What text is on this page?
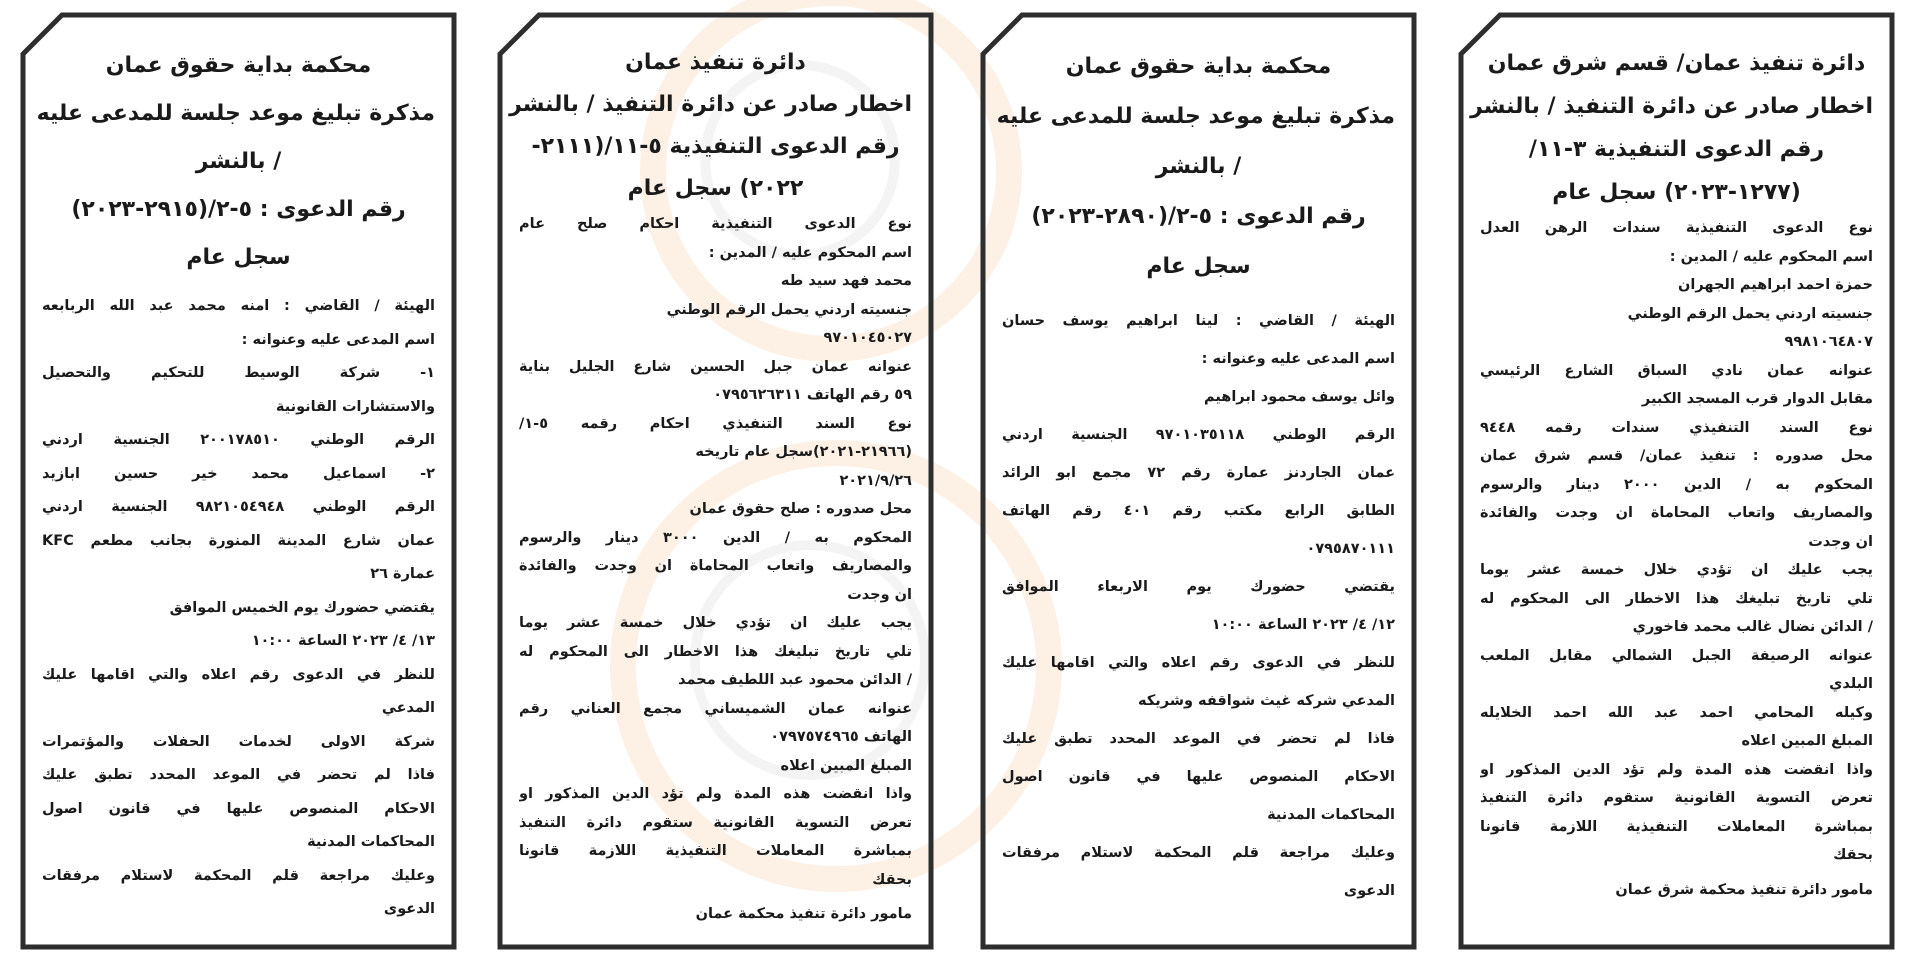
محكمة بداية حقوق عمان
مذكرة تبليغ موعد جلسة للمدعى عليه
/ بالنشر
رقم الدعوى : ٥-٢/(٢٩١٥-٢٠٢٣)
سجل عام
الهيئة / القاضي : امنه محمد عبد الله الربابعه
اسم المدعى عليه وعنوانه :
١- شركة الوسيط للتحكيم والتحصيل
والاستشارات القانونية
الرقم الوطني ٢٠٠١٧٨٥١٠ الجنسية اردني
٢- اسماعيل محمد خير حسين ابازيد
الرقم الوطني ٩٨٢١٠٥٤٩٤٨ الجنسية اردني
عمان شارع المدينة المنورة بجانب مطعم KFC
عمارة ٢٦
يقتضي حضورك يوم الخميس الموافق
١٣/ ٤/ ٢٠٢٣ الساعة ١٠:٠٠
للنظر في الدعوى رقم اعلاه والتي اقامها عليك
المدعي
شركة الاولى لخدمات الحفلات والمؤتمرات
فاذا لم تحضر في الموعد المحدد تطبق عليك
الاحكام المنصوص عليها في قانون اصول
المحاكمات المدنية
وعليك مراجعة قلم المحكمة لاستلام مرفقات
الدعوى
دائرة تنفيذ عمان
اخطار صادر عن دائرة التنفيذ / بالنشر
رقم الدعوى التنفيذية ٥-١١/(٢١١١-
٢٠٢٢) سجل عام
نوع الدعوى التنفيذية احكام صلح عام
اسم المحكوم عليه / المدين :
محمد فهد سيد طه
جنسيته اردني يحمل الرقم الوطني
٩٧٠١٠٤٥٠٢٧
عنوانه عمان جبل الحسين شارع الجليل بناية
٥٩ رقم الهاتف ٠٧٩٥٦٢٦٣١١
نوع السند التنفيذي احكام رقمه ٥-١/
(٢١٩٦٦-٢٠٢١)سجل عام تاريخه
٢٠٢١/٩/٢٦
محل صدوره : صلح حقوق عمان
المحكوم به / الدين ٣٠٠٠ دينار والرسوم
والمصاريف واتعاب المحاماة ان وجدت والفائدة
ان وجدت
يجب عليك ان تؤدي خلال خمسة عشر يوما
تلي تاريخ تبليغك هذا الاخطار الى المحكوم له
/ الدائن محمود عبد اللطيف محمد
عنوانه عمان الشميساني مجمع العناني رقم
الهاتف ٠٧٩٧٥٧٤٩٦٥
المبلغ المبين اعلاه
واذا انقضت هذه المدة ولم تؤد الدين المذكور او
تعرض التسوية القانونية ستقوم دائرة التنفيذ
بمباشرة المعاملات التنفيذية اللازمة قانونا
بحقك
مامور دائرة تنفيذ محكمة عمان
محكمة بداية حقوق عمان
مذكرة تبليغ موعد جلسة للمدعى عليه
/ بالنشر
رقم الدعوى : ٥-٢/(٢٨٩٠-٢٠٢٣)
سجل عام
الهيئة / القاضي : لينا ابراهيم يوسف حسان
اسم المدعى عليه وعنوانه :
وائل يوسف محمود ابراهيم
الرقم الوطني ٩٧٠١٠٣٥١١٨ الجنسية اردني
عمان الجاردنز عمارة رقم ٧٢ مجمع ابو الرائد
الطابق الرابع مكتب رقم ٤٠١ رقم الهاتف
٠٧٩٥٨٧٠١١١
يقتضي حضورك يوم الاربعاء الموافق
١٢/ ٤/ ٢٠٢٣ الساعة ١٠:٠٠
للنظر في الدعوى رقم اعلاه والتي اقامها عليك
المدعي شركه غيث شواقفه وشريكه
فاذا لم تحضر في الموعد المحدد تطبق عليك
الاحكام المنصوص عليها في قانون اصول
المحاكمات المدنية
وعليك مراجعة قلم المحكمة لاستلام مرفقات
الدعوى
دائرة تنفيذ عمان/ قسم شرق عمان
اخطار صادر عن دائرة التنفيذ / بالنشر
رقم الدعوى التنفيذية ٣-١١/
(١٢٧٧-٢٠٢٣) سجل عام
نوع الدعوى التنفيذية سندات الرهن العدل
اسم المحكوم عليه / المدين :
حمزة احمد ابراهيم الجهران
جنسيته اردني يحمل الرقم الوطني
٩٩٨١٠٦٤٨٠٧
عنوانه عمان نادي السباق الشارع الرئيسي
مقابل الدوار قرب المسجد الكبير
نوع السند التنفيذي سندات رقمه ٩٤٤٨
محل صدوره : تنفيذ عمان/ قسم شرق عمان
المحكوم به / الدين ٢٠٠٠ دينار والرسوم
والمصاريف واتعاب المحاماة ان وجدت والفائدة
ان وجدت
يجب عليك ان تؤدي خلال خمسة عشر يوما
تلي تاريخ تبليغك هذا الاخطار الى المحكوم له
/ الدائن نضال غالب محمد فاخوري
عنوانه الرصيفة الجبل الشمالي مقابل الملعب
البلدي
وكيله المحامي احمد عبد الله احمد الخلايله
المبلغ المبين اعلاه
واذا انقضت هذه المدة ولم تؤد الدين المذكور او
تعرض التسوية القانونية ستقوم دائرة التنفيذ
بمباشرة المعاملات التنفيذية اللازمة قانونا
بحقك
مامور دائرة تنفيذ محكمة شرق عمان
